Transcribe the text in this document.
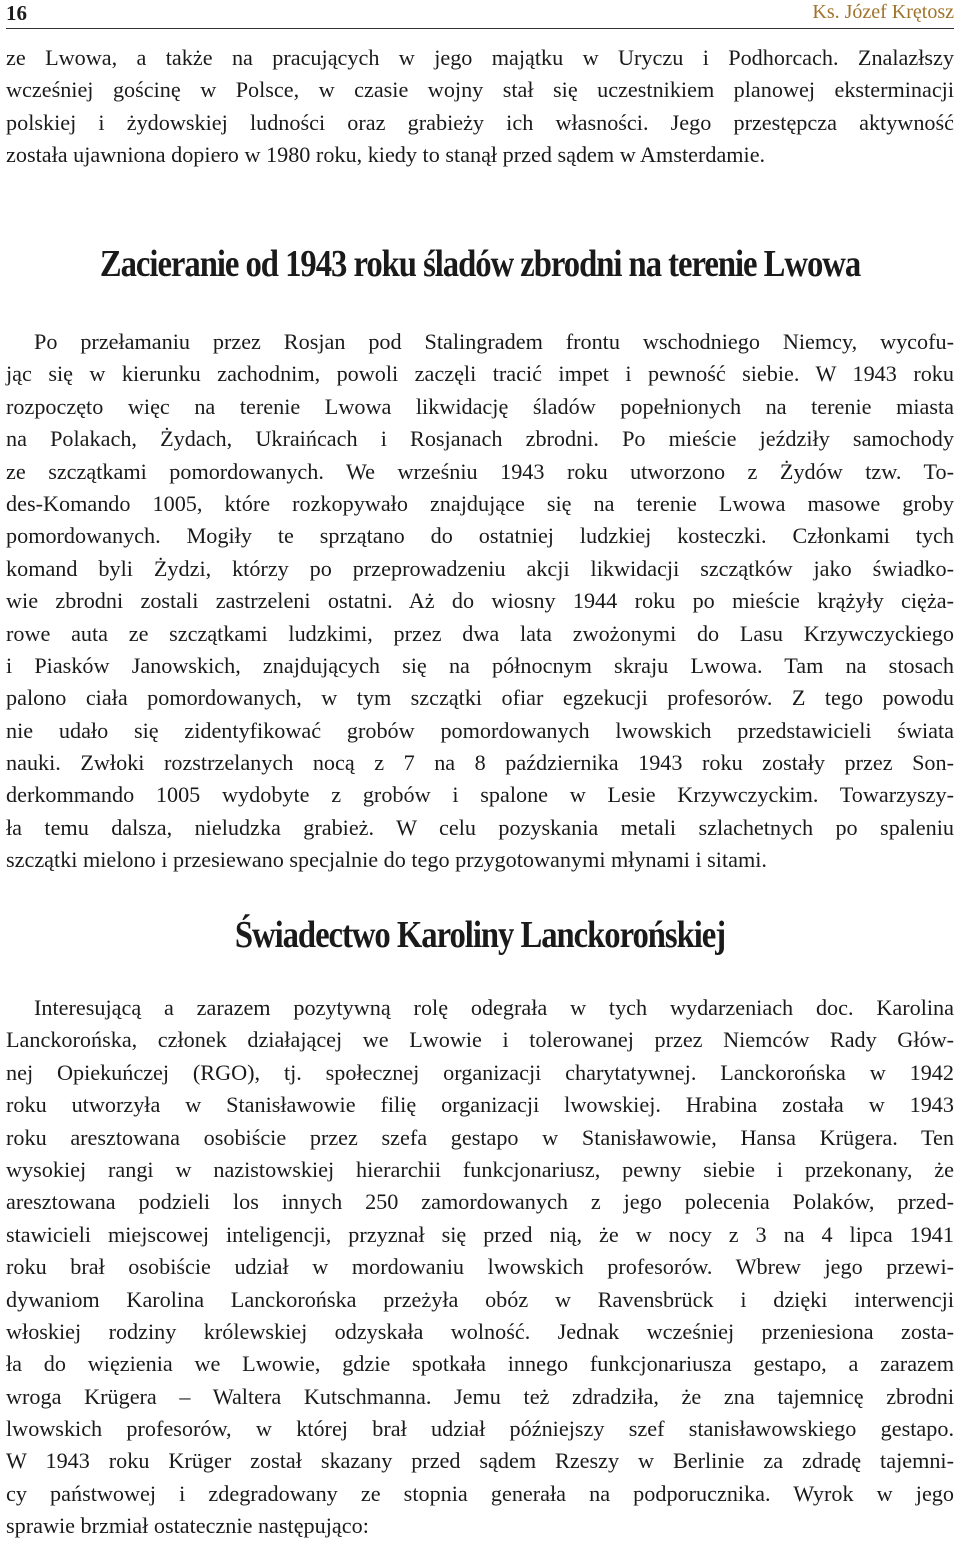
16	Ks. Józef Krętosz

ze Lwowa, a także na pracujących w jego majątku w Uryczu i Podhorcach. Znalazłszy
wcześniej gościnę w Polsce, w czasie wojny stał się uczestnikiem planowej eksterminacji
polskiej i żydowskiej ludności oraz grabieży ich własności. Jego przestępcza aktywność
została ujawniona dopiero w 1980 roku, kiedy to stanął przed sądem w Amsterdamie.

Zacieranie od 1943 roku śladów zbrodni na terenie Lwowa

Po przełamaniu przez Rosjan pod Stalingradem frontu wschodniego Niemcy, wycofu-
jąc się w kierunku zachodnim, powoli zaczęli tracić impet i pewność siebie. W 1943 roku
rozpoczęto więc na terenie Lwowa likwidację śladów popełnionych na terenie miasta
na Polakach, Żydach, Ukraińcach i Rosjanach zbrodni. Po mieście jeździły samochody
ze szczątkami pomordowanych. We wrześniu 1943 roku utworzono z Żydów tzw. To-
des-Komando 1005, które rozkopywało znajdujące się na terenie Lwowa masowe groby
pomordowanych. Mogiły te sprzątano do ostatniej ludzkiej kosteczki. Członkami tych
komand byli Żydzi, którzy po przeprowadzeniu akcji likwidacji szczątków jako świadko-
wie zbrodni zostali zastrzeleni ostatni. Aż do wiosny 1944 roku po mieście krążyły cięża-
rowe auta ze szczątkami ludzkimi, przez dwa lata zwożonymi do Lasu Krzywczyckiego
i Piasków Janowskich, znajdujących się na północnym skraju Lwowa. Tam na stosach
palono ciała pomordowanych, w tym szczątki ofiar egzekucji profesorów. Z tego powodu
nie udało się zidentyfikować grobów pomordowanych lwowskich przedstawicieli świata
nauki. Zwłoki rozstrzelanych nocą z 7 na 8 października 1943 roku zostały przez Son-
derkommando 1005 wydobyte z grobów i spalone w Lesie Krzywczyckim. Towarzyszy-
ła temu dalsza, nieludzka grabież. W celu pozyskania metali szlachetnych po spaleniu
szczątki mielono i przesiewano specjalnie do tego przygotowanymi młynami i sitami.

Świadectwo Karoliny Lanckorońskiej

Interesującą a zarazem pozytywną rolę odegrała w tych wydarzeniach doc. Karolina
Lanckorońska, członek działającej we Lwowie i tolerowanej przez Niemców Rady Głów-
nej Opiekuńczej (RGO), tj. społecznej organizacji charytatywnej. Lanckorońska w 1942
roku utworzyła w Stanisławowie filię organizacji lwowskiej. Hrabina została w 1943
roku aresztowana osobiście przez szefa gestapo w Stanisławowie, Hansa Krügera. Ten
wysokiej rangi w nazistowskiej hierarchii funkcjonariusz, pewny siebie i przekonany, że
aresztowana podzieli los innych 250 zamordowanych z jego polecenia Polaków, przed-
stawicieli miejscowej inteligencji, przyznał się przed nią, że w nocy z 3 na 4 lipca 1941
roku brał osobiście udział w mordowaniu lwowskich profesorów. Wbrew jego przewi-
dywaniom Karolina Lanckorońska przeżyła obóz w Ravensbrück i dzięki interwencji
włoskiej rodziny królewskiej odzyskała wolność. Jednak wcześniej przeniesiona zosta-
ła do więzienia we Lwowie, gdzie spotkała innego funkcjonariusza gestapo, a zarazem
wroga Krügera – Waltera Kutschmanna. Jemu też zdradziła, że zna tajemnicę zbrodni
lwowskich profesorów, w której brał udział późniejszy szef stanisławowskiego gestapo.
W 1943 roku Krüger został skazany przed sądem Rzeszy w Berlinie za zdradę tajemni-
cy państwowej i zdegradowany ze stopnia generała na podporucznika. Wyrok w jego
sprawie brzmiał ostatecznie następująco:
